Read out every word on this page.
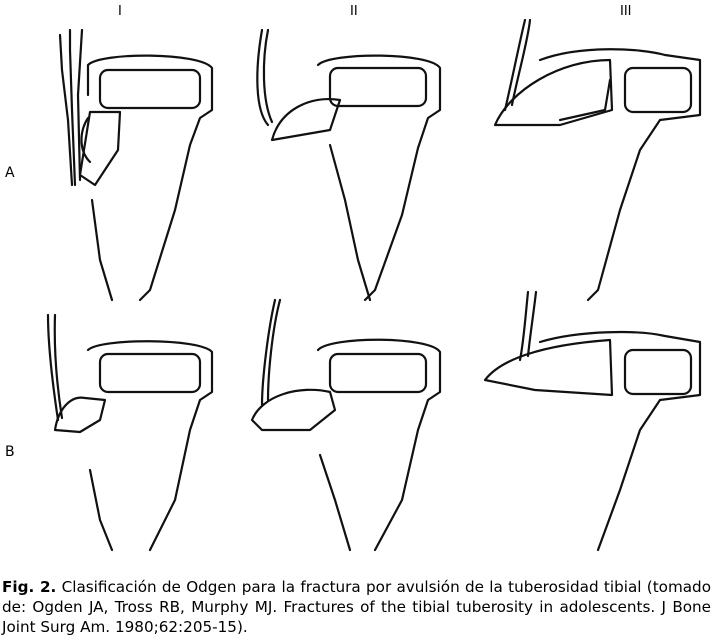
I	II	III
A
B
Fig. 2. Clasificación de Odgen para la fractura por avulsión de la tuberosidad tibial (tomado de: Ogden JA, Tross RB, Murphy MJ. Fractures of the tibial tuberosity in adolescents. J Bone Joint Surg Am. 1980;62:205-15).
